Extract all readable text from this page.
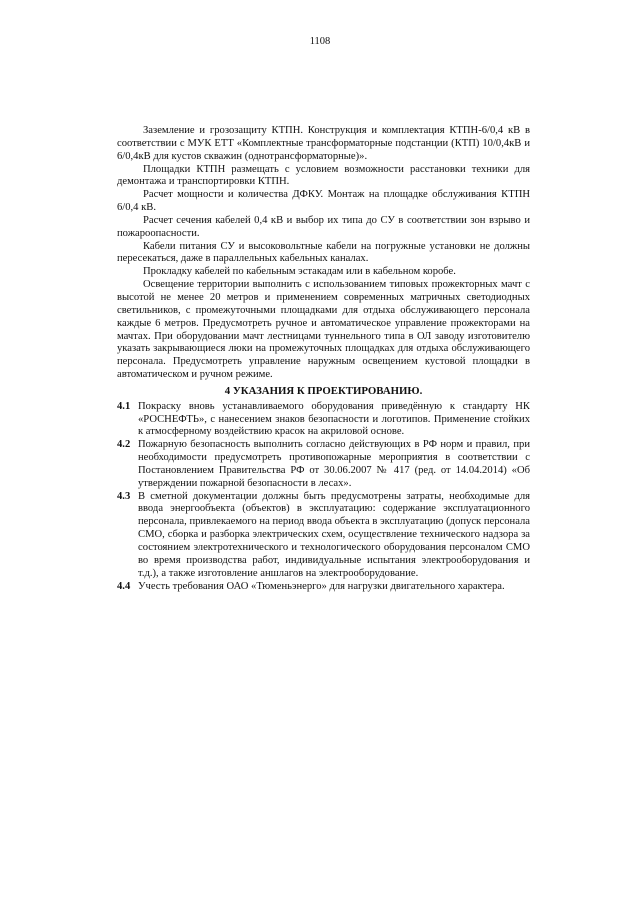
1108

Заземление и грозозащиту КТПН. Конструкция и комплектация КТПН-6/0,4 кВ в соответствии с МУК ЕТТ «Комплектные трансформаторные подстанции (КТП) 10/0,4кВ и 6/0,4кВ для кустов скважин (однотрансформаторные)».

Площадки КТПН размещать с условием возможности расстановки техники для демонтажа и транспортировки КТПН.

Расчет мощности и количества ДФКУ. Монтаж на площадке обслуживания КТПН 6/0,4 кВ.

Расчет сечения кабелей 0,4 кВ и выбор их типа до СУ в соответствии зон взрыво и пожароопасности.

Кабели питания СУ и высоковольтные кабели на погружные установки не должны пересекаться, даже в параллельных кабельных каналах.

Прокладку кабелей по кабельным эстакадам или в кабельном коробе.

Освещение территории выполнить с использованием типовых прожекторных мачт с высотой не менее 20 метров и применением современных матричных светодиодных светильников, с промежуточными площадками для отдыха обслуживающего персонала каждые 6 метров. Предусмотреть ручное и автоматическое управление прожекторами на мачтах. При оборудовании мачт лестницами туннельного типа в ОЛ заводу изготовителю указать закрывающиеся люки на промежуточных площадках для отдыха обслуживающего персонала. Предусмотреть управление наружным освещением кустовой площадки в автоматическом и ручном режиме.

4 УКАЗАНИЯ К ПРОЕКТИРОВАНИЮ.
4.1 Покраску вновь устанавливаемого оборудования приведённую к стандарту НК «РОСНЕФТЬ», с нанесением знаков безопасности и логотипов. Применение стойких к атмосферному воздействию красок на акриловой основе.

4.2 Пожарную безопасность выполнить согласно действующих в РФ норм и правил, при необходимости предусмотреть противопожарные мероприятия в соответствии с Постановлением Правительства РФ от 30.06.2007 № 417 (ред. от 14.04.2014) «Об утверждении пожарной безопасности в лесах».

4.3 В сметной документации должны быть предусмотрены затраты, необходимые для ввода энергообъекта (объектов) в эксплуатацию: содержание эксплуатационного персонала, привлекаемого на период ввода объекта в эксплуатацию (допуск персонала СМО, сборка и разборка электрических схем, осуществление технического надзора за состоянием электротехнического и технологического оборудования персоналом СМО во время производства работ, индивидуальные испытания электрооборудования и т.д.), а также изготовление аншлагов на электрооборудование.

4.4 Учесть требования ОАО «Тюменьэнерго» для нагрузки двигательного характера.
